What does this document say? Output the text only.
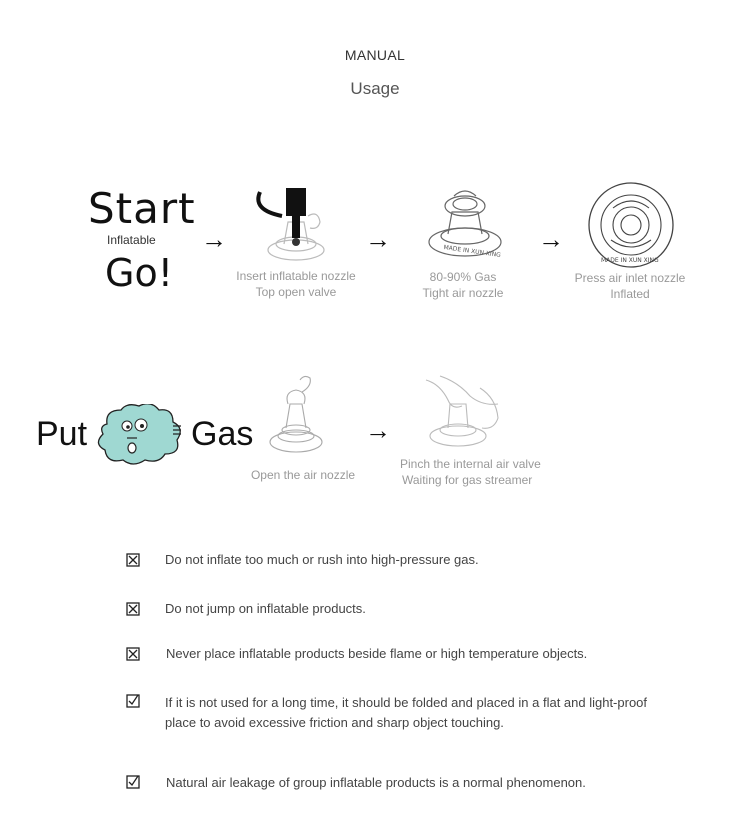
MANUAL
Usage
Start
Inflatable
Go!
→
Insert inflatable nozzle
Top open valve
→	MADE IN XUN XING
80-90% Gas
Tight air nozzle
→
MADE IN XUN XING
Press air inlet nozzle
Inflated
Put	Gas
Open the air nozzle
→
Pinch the internal air valve
Waiting for gas streamer
Do not inflate too much or rush into high-pressure gas.
Do not jump on inflatable products.
Never place inflatable products beside flame or high temperature objects.
If it is not used for a long time, it should be folded and placed in a flat and light-proof place to avoid excessive friction and sharp object touching.
Natural air leakage of group inflatable products is a normal phenomenon.
